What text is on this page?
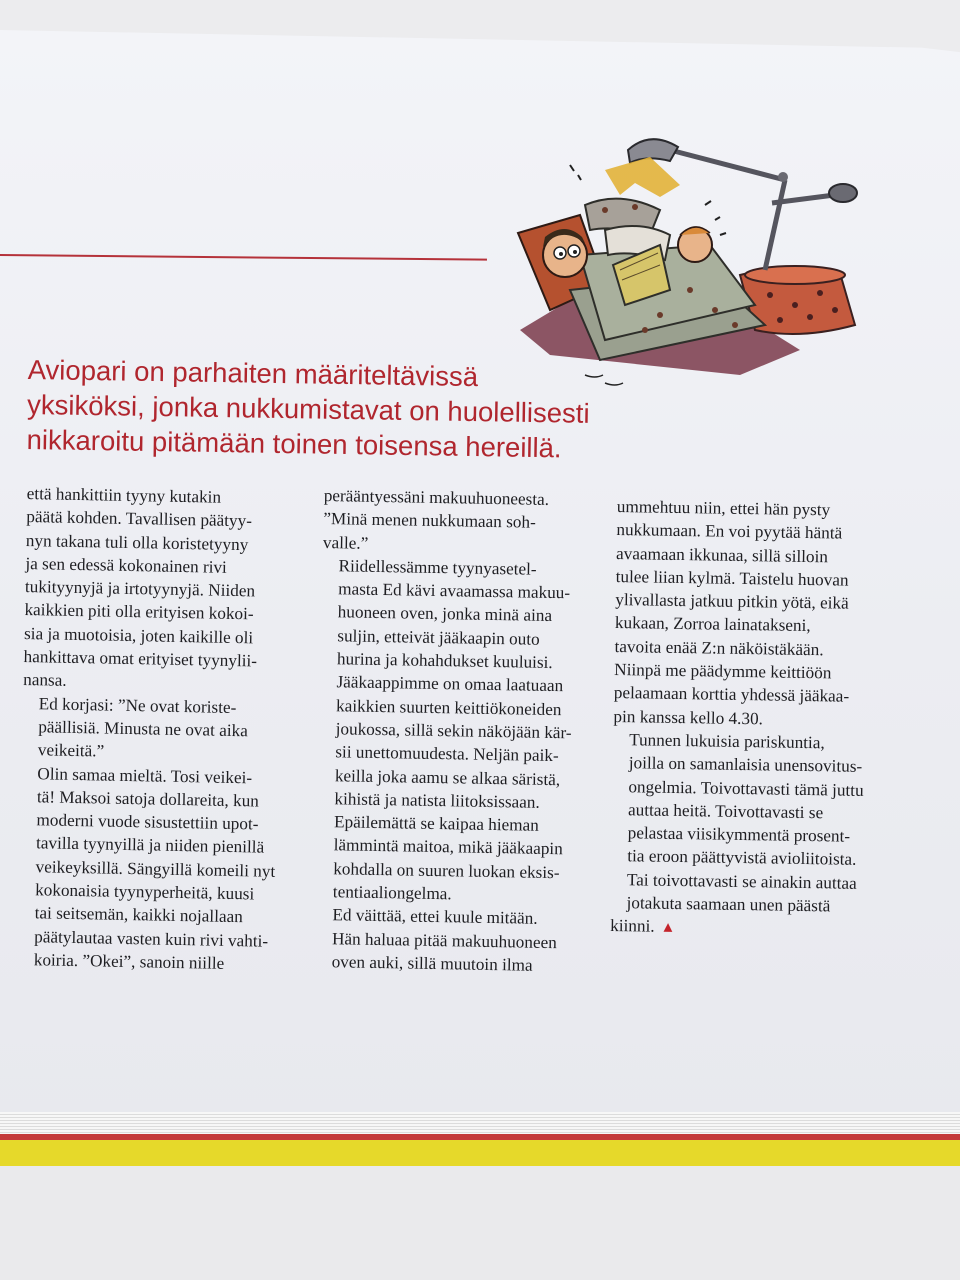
Aviopari on parhaiten määriteltävissä
yksiköksi, jonka nukkumistavat on huolellisesti
nikkaroitu pitämään toinen toisensa hereillä.

että hankittiin tyyny kutakin
päätä kohden. Tavallisen päätyy-
nyn takana tuli olla koristetyyny
ja sen edessä kokonainen rivi
tukityynyjä ja irtotyynyjä. Niiden
kaikkien piti olla erityisen kokoi-
sia ja muotoisia, joten kaikille oli
hankittava omat erityiset tyynylii-
nansa.

Ed korjasi: ”Ne ovat koriste-
päällisiä. Minusta ne ovat aika
veikeitä.”

Olin samaa mieltä. Tosi veikei-
tä! Maksoi satoja dollareita, kun
moderni vuode sisustettiin upot-
tavilla tyynyillä ja niiden pienillä
veikeyksillä. Sängyillä komeili nyt
kokonaisia tyynyperheitä, kuusi
tai seitsemän, kaikki nojallaan
päätylautaa vasten kuin rivi vahti-
koiria. ”Okei”, sanoin niille

perääntyessäni makuuhuoneesta.
”Minä menen nukkumaan soh-
valle.”

Riidellessämme tyynyasetel-
masta Ed kävi avaamassa makuu-
huoneen oven, jonka minä aina
suljin, etteivät jääkaapin outo
hurina ja kohahdukset kuuluisi.
Jääkaappimme on omaa laatuaan
kaikkien suurten keittiökoneiden
joukossa, sillä sekin näköjään kär-
sii unettomuudesta. Neljän paik-
keilla joka aamu se alkaa säristä,
kihistä ja natista liitoksissaan.
Epäilemättä se kaipaa hieman
lämmintä maitoa, mikä jääkaapin
kohdalla on suuren luokan eksis-
tentiaaliongelma.

Ed väittää, ettei kuule mitään.
Hän haluaa pitää makuuhuoneen
oven auki, sillä muutoin ilma

ummehtuu niin, ettei hän pysty
nukkumaan. En voi pyytää häntä
avaamaan ikkunaa, sillä silloin
tulee liian kylmä. Taistelu huovan
ylivallasta jatkuu pitkin yötä, eikä
kukaan, Zorroa lainatakseni,
tavoita enää Z:n näköistäkään.
Niinpä me päädymme keittiöön
pelaamaan korttia yhdessä jääkaa-
pin kanssa kello 4.30.

Tunnen lukuisia pariskuntia,
joilla on samanlaisia unensovitus-
ongelmia. Toivottavasti tämä juttu
auttaa heitä. Toivottavasti se
pelastaa viisikymmentä prosent-
tia eroon päättyvistä avioliitoista.
Tai toivottavasti se ainakin auttaa
jotakuta saamaan unen päästä
kiinni. ▲
